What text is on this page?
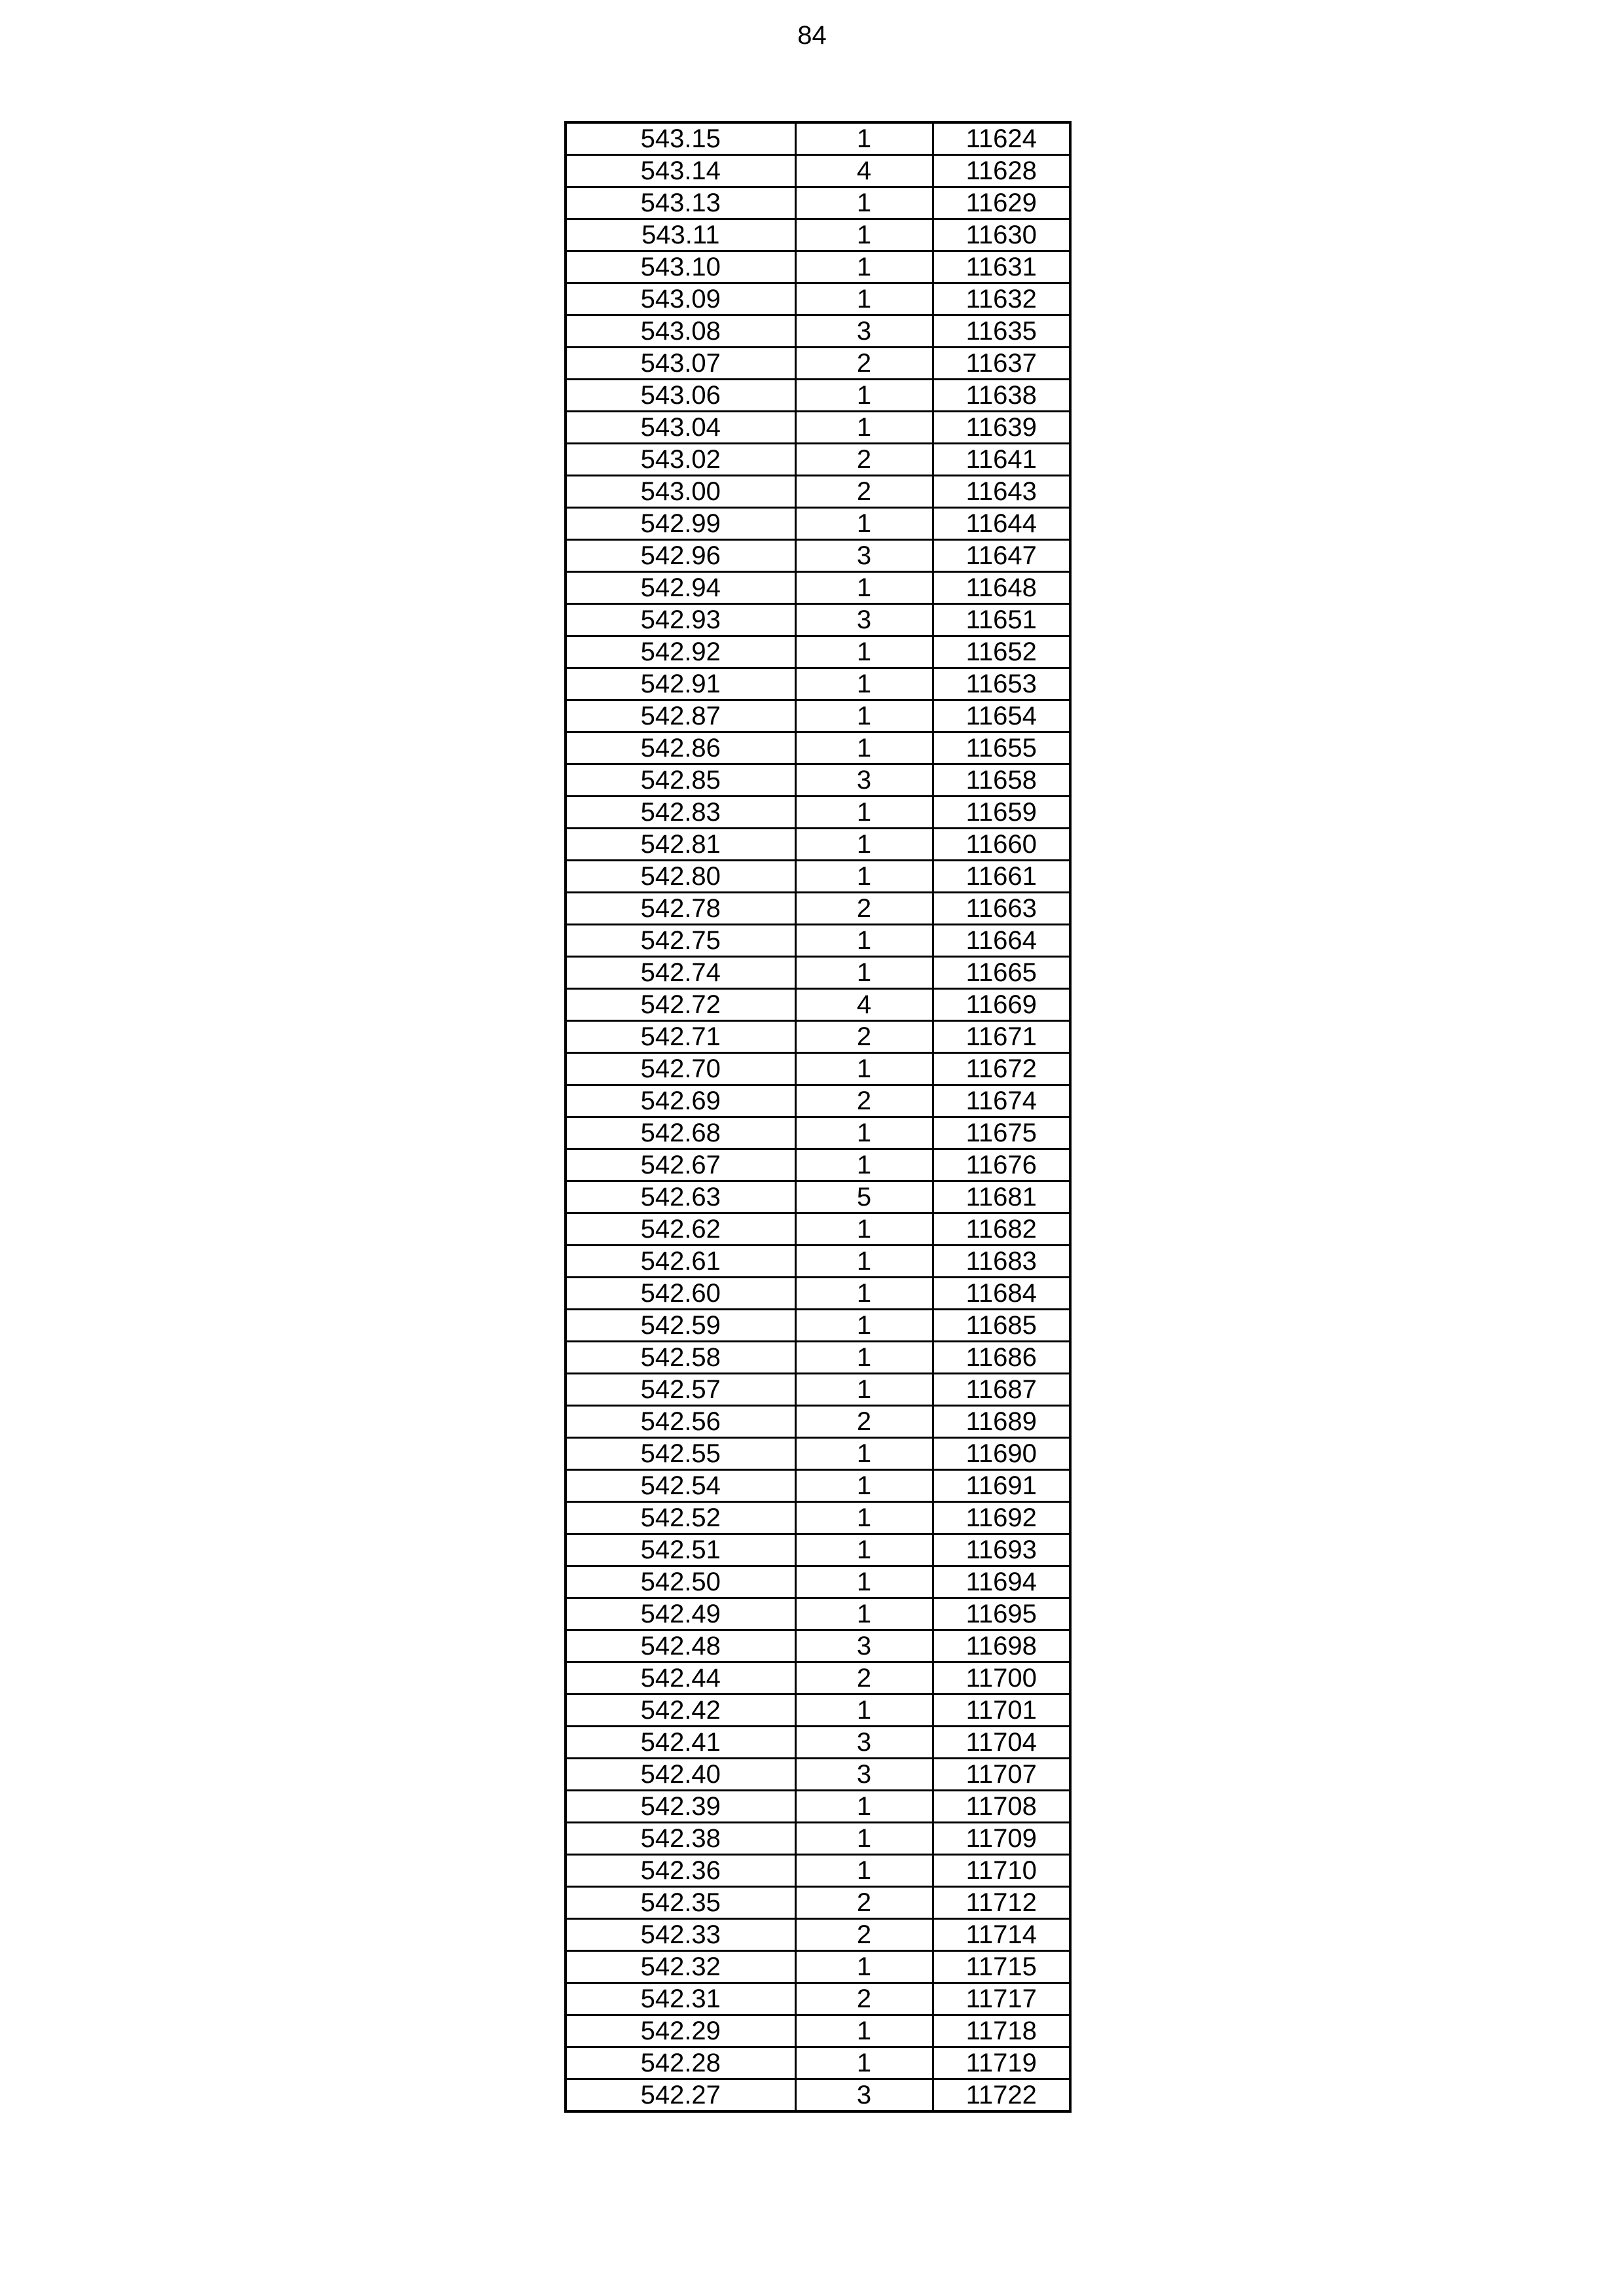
84
543.15	1	11624
543.14	4	11628
543.13	1	11629
543.11	1	11630
543.10	1	11631
543.09	1	11632
543.08	3	11635
543.07	2	11637
543.06	1	11638
543.04	1	11639
543.02	2	11641
543.00	2	11643
542.99	1	11644
542.96	3	11647
542.94	1	11648
542.93	3	11651
542.92	1	11652
542.91	1	11653
542.87	1	11654
542.86	1	11655
542.85	3	11658
542.83	1	11659
542.81	1	11660
542.80	1	11661
542.78	2	11663
542.75	1	11664
542.74	1	11665
542.72	4	11669
542.71	2	11671
542.70	1	11672
542.69	2	11674
542.68	1	11675
542.67	1	11676
542.63	5	11681
542.62	1	11682
542.61	1	11683
542.60	1	11684
542.59	1	11685
542.58	1	11686
542.57	1	11687
542.56	2	11689
542.55	1	11690
542.54	1	11691
542.52	1	11692
542.51	1	11693
542.50	1	11694
542.49	1	11695
542.48	3	11698
542.44	2	11700
542.42	1	11701
542.41	3	11704
542.40	3	11707
542.39	1	11708
542.38	1	11709
542.36	1	11710
542.35	2	11712
542.33	2	11714
542.32	1	11715
542.31	2	11717
542.29	1	11718
542.28	1	11719
542.27	3	11722
